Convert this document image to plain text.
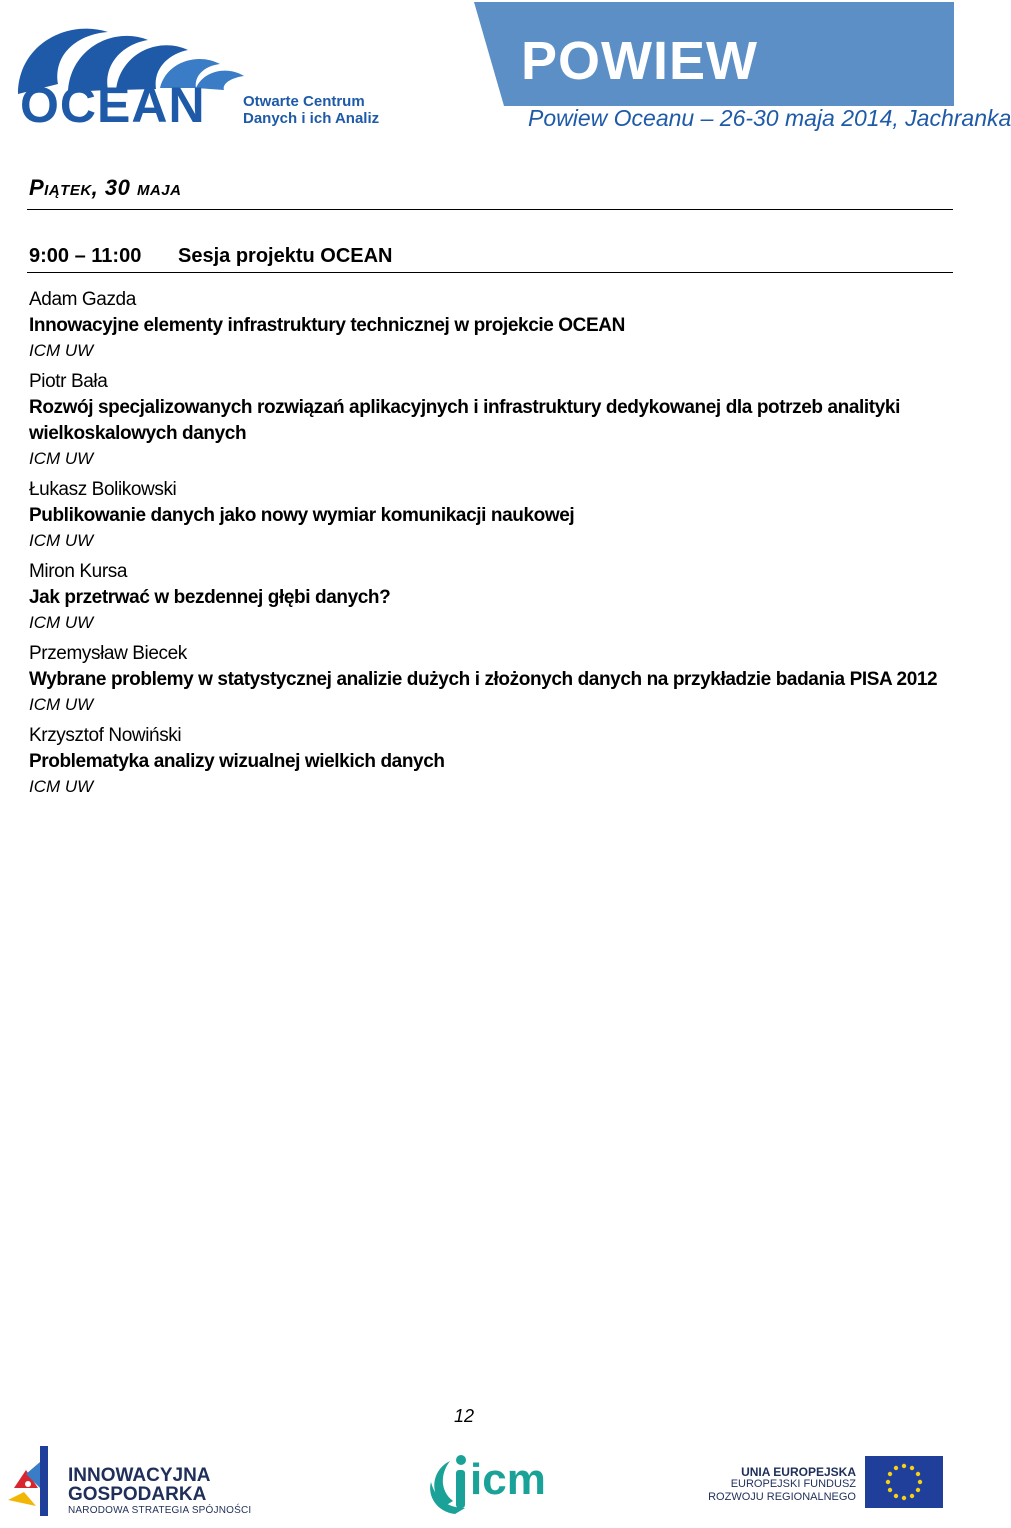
OCEAN Otwarte Centrum
Danych i ich Analiz
POWIEW
Powiew Oceanu – 26-30 maja 2014, Jachranka
Piątek, 30 maja
9:00 – 11:00 Sesja projektu OCEAN
Adam Gazda
Innowacyjne elementy infrastruktury technicznej w projekcie OCEAN
ICM UW
Piotr Bała
Rozwój specjalizowanych rozwiązań aplikacyjnych i infrastruktury dedykowanej dla potrzeb analityki wielkoskalowych danych
ICM UW
Łukasz Bolikowski
Publikowanie danych jako nowy wymiar komunikacji naukowej
ICM UW
Miron Kursa
Jak przetrwać w bezdennej głębi danych?
ICM UW
Przemysław Biecek
Wybrane problemy w statystycznej analizie dużych i złożonych danych na przykładzie badania PISA 2012
ICM UW
Krzysztof Nowiński
Problematyka analizy wizualnej wielkich danych
ICM UW
12
INNOWACYJNA
GOSPODARKA
NARODOWA STRATEGIA SPÓJNOŚCI
icm	UNIA EUROPEJSKA
EUROPEJSKI FUNDUSZ
ROZWOJU REGIONALNEGO
